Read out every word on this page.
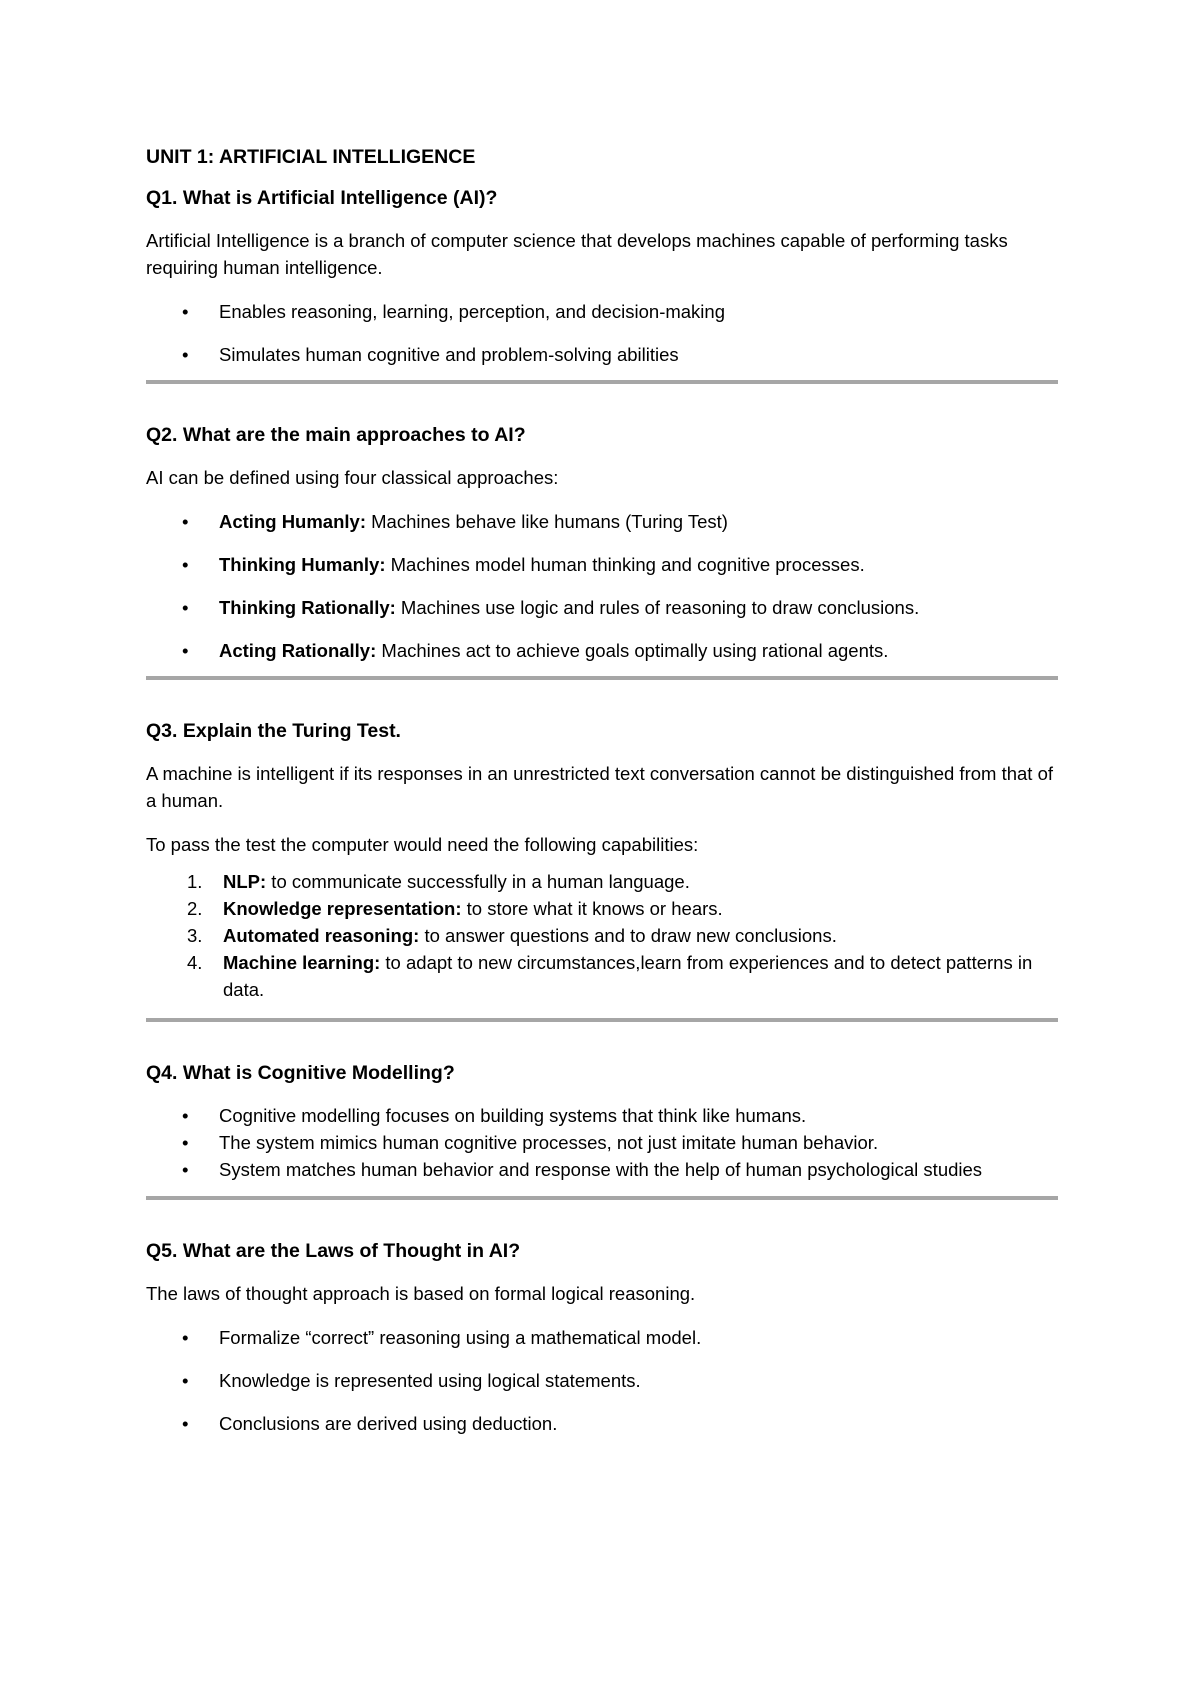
UNIT 1: ARTIFICIAL INTELLIGENCE
Q1. What is Artificial Intelligence (AI)?
Artificial Intelligence is a branch of computer science that develops machines capable of performing tasks requiring human intelligence.
• Enables reasoning, learning, perception, and decision-making
• Simulates human cognitive and problem-solving abilities
Q2. What are the main approaches to AI?
AI can be defined using four classical approaches:
• Acting Humanly: Machines behave like humans (Turing Test)
• Thinking Humanly: Machines model human thinking and cognitive processes.
• Thinking Rationally: Machines use logic and rules of reasoning to draw conclusions.
• Acting Rationally: Machines act to achieve goals optimally using rational agents.
Q3. Explain the Turing Test.
A machine is intelligent if its responses in an unrestricted text conversation cannot be distinguished from that of a human.
To pass the test the computer would need the following capabilities:
1. NLP: to communicate successfully in a human language.
2. Knowledge representation: to store what it knows or hears.
3. Automated reasoning: to answer questions and to draw new conclusions.
4. Machine learning: to adapt to new circumstances,learn from experiences and to detect patterns in data.
Q4. What is Cognitive Modelling?
• Cognitive modelling focuses on building systems that think like humans.
• The system mimics human cognitive processes, not just imitate human behavior.
• System matches human behavior and response with the help of human psychological studies
Q5. What are the Laws of Thought in AI?
The laws of thought approach is based on formal logical reasoning.
• Formalize “correct” reasoning using a mathematical model.
• Knowledge is represented using logical statements.
• Conclusions are derived using deduction.
